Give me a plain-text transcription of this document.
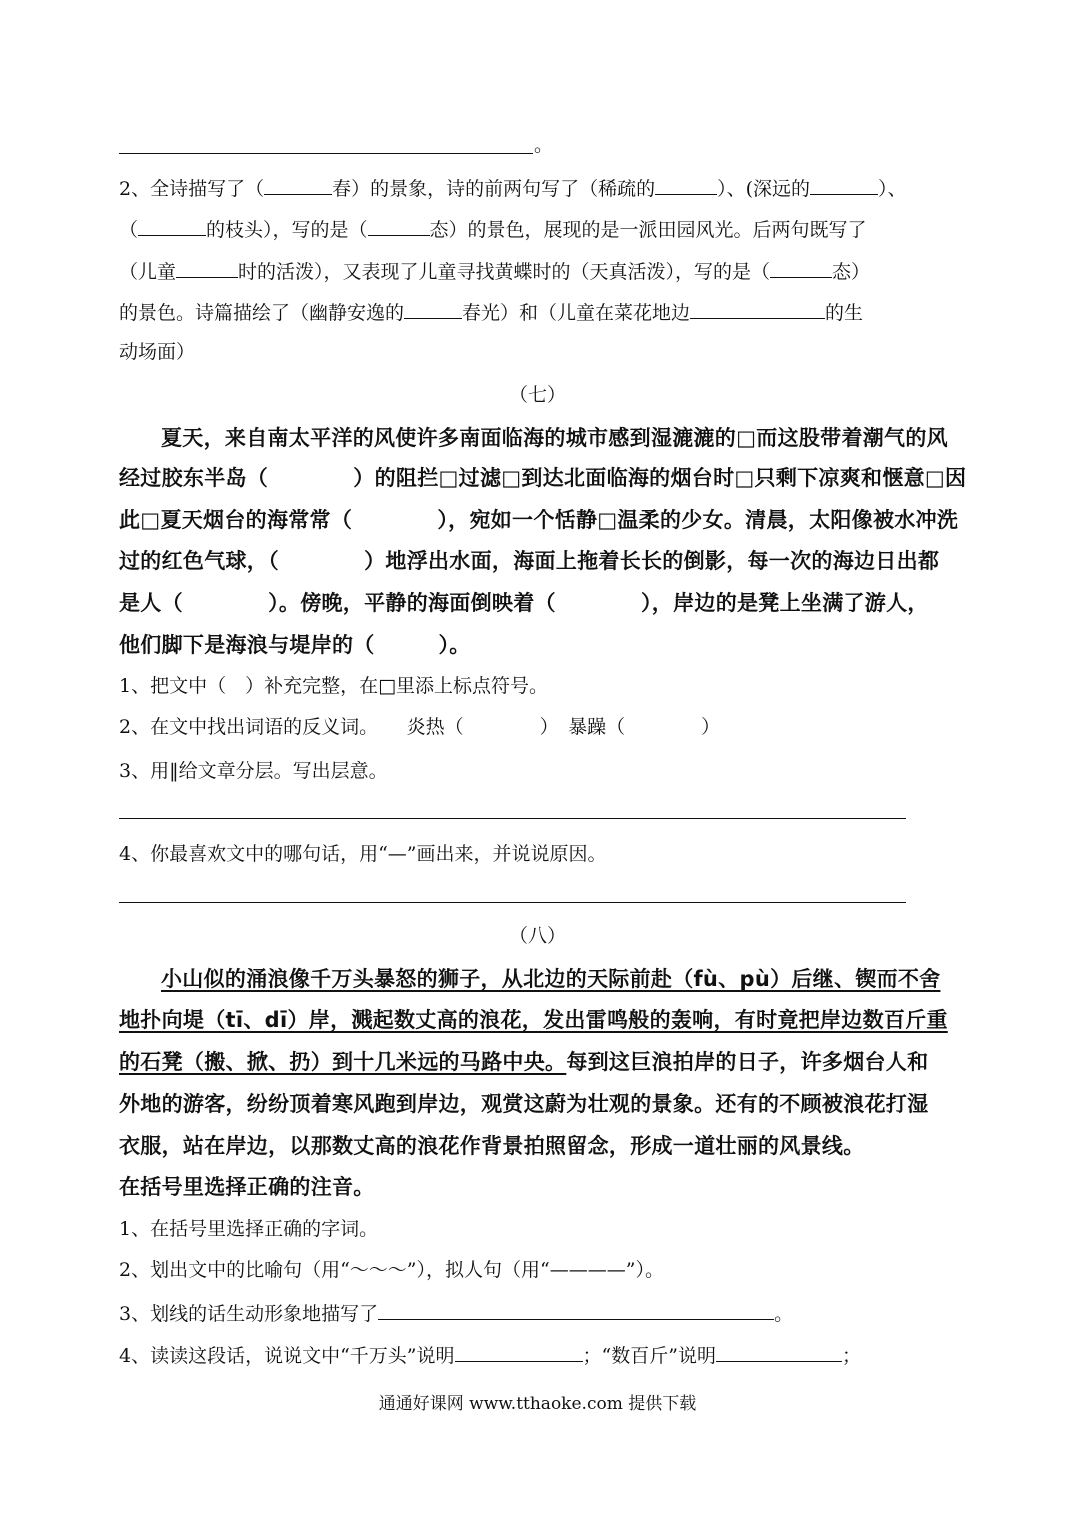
。
2、全诗描写了（	春）的景象，诗的前两句写了（稀疏的	）、(深远的	）、
（	的枝头），写的是（	态）的景色，展现的是一派田园风光。后两句既写了
（儿童	时的活泼），又表现了儿童寻找黄蝶时的（天真活泼），写的是（	态）
的景色。诗篇描绘了（幽静安逸的	春光）和（儿童在菜花地边	的生
动场面）
（七）
夏天，来自南太平洋的风使许多南面临海的城市感到湿漉漉的□而这股带着潮气的风
经过胶东半岛（　　　　）的阻拦□过滤□到达北面临海的烟台时□只剩下凉爽和惬意□因
此□夏天烟台的海常常（　　　　），宛如一个恬静□温柔的少女。清晨，太阳像被水冲洗
过的红色气球，（　　　　）地浮出水面，海面上拖着长长的倒影，每一次的海边日出都
是人（　　　　）。傍晚，平静的海面倒映着（　　　　），岸边的是凳上坐满了游人，
他们脚下是海浪与堤岸的（　　　）。
1、把文中（　）补充完整，在□里添上标点符号。
2、在文中找出词语的反义词。　　炎热（　　　　）　暴躁（　　　　）
3、用‖给文章分层。写出层意。
4、你最喜欢文中的哪句话，用“—”画出来，并说说原因。
（八）
小山似的涌浪像千万头暴怒的狮子，从北边的天际前赴（fù、pù）后继、锲而不舍
地扑向堤（tī、dī）岸，溅起数丈高的浪花，发出雷鸣般的轰响，有时竟把岸边数百斤重
的石凳（搬、掀、扔）到十几米远的马路中央。每到这巨浪拍岸的日子，许多烟台人和
外地的游客，纷纷顶着寒风跑到岸边，观赏这蔚为壮观的景象。还有的不顾被浪花打湿
衣服，站在岸边，以那数丈高的浪花作背景拍照留念，形成一道壮丽的风景线。
在括号里选择正确的注音。
1、在括号里选择正确的字词。
2、划出文中的比喻句（用“～～～”），拟人句（用“————”）。
3、划线的话生动形象地描写了	。
4、读读这段话，说说文中“千万头”说明	；“数百斤”说明	；
通通好课网 www.tthaoke.com 提供下载
